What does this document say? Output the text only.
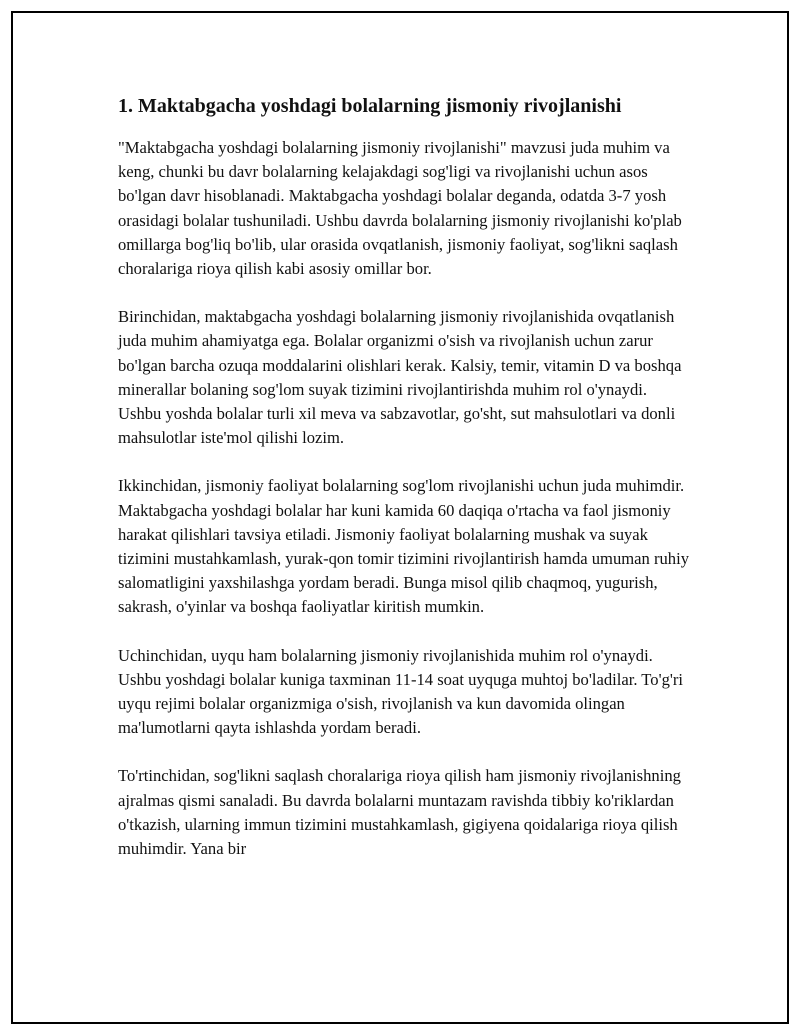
1. Maktabgacha yoshdagi bolalarning jismoniy rivojlanishi

"Maktabgacha yoshdagi bolalarning jismoniy rivojlanishi" mavzusi juda muhim va keng, chunki bu davr bolalarning kelajakdagi sog'ligi va rivojlanishi uchun asos bo'lgan davr hisoblanadi. Maktabgacha yoshdagi bolalar deganda, odatda 3-7 yosh orasidagi bolalar tushuniladi. Ushbu davrda bolalarning jismoniy rivojlanishi ko'plab omillarga bog'liq bo'lib, ular orasida ovqatlanish, jismoniy faoliyat, sog'likni saqlash choralariga rioya qilish kabi asosiy omillar bor.

Birinchidan, maktabgacha yoshdagi bolalarning jismoniy rivojlanishida ovqatlanish juda muhim ahamiyatga ega. Bolalar organizmi o'sish va rivojlanish uchun zarur bo'lgan barcha ozuqa moddalarini olishlari kerak. Kalsiy, temir, vitamin D va boshqa minerallar bolaning sog'lom suyak tizimini rivojlantirishda muhim rol o'ynaydi. Ushbu yoshda bolalar turli xil meva va sabzavotlar, go'sht, sut mahsulotlari va donli mahsulotlar iste'mol qilishi lozim.

Ikkinchidan, jismoniy faoliyat bolalarning sog'lom rivojlanishi uchun juda muhimdir. Maktabgacha yoshdagi bolalar har kuni kamida 60 daqiqa o'rtacha va faol jismoniy harakat qilishlari tavsiya etiladi. Jismoniy faoliyat bolalarning mushak va suyak tizimini mustahkamlash, yurak-qon tomir tizimini rivojlantirish hamda umuman ruhiy salomatligini yaxshilashga yordam beradi. Bunga misol qilib chaqmoq, yugurish, sakrash, o'yinlar va boshqa faoliyatlar kiritish mumkin.

Uchinchidan, uyqu ham bolalarning jismoniy rivojlanishida muhim rol o'ynaydi. Ushbu yoshdagi bolalar kuniga taxminan 11-14 soat uyquga muhtoj bo'ladilar. To'g'ri uyqu rejimi bolalar organizmiga o'sish, rivojlanish va kun davomida olingan ma'lumotlarni qayta ishlashda yordam beradi.

To'rtinchidan, sog'likni saqlash choralariga rioya qilish ham jismoniy rivojlanishning ajralmas qismi sanaladi. Bu davrda bolalarni muntazam ravishda tibbiy ko'riklardan o'tkazish, ularning immun tizimini mustahkamlash, gigiyena qoidalariga rioya qilish muhimdir. Yana bir
